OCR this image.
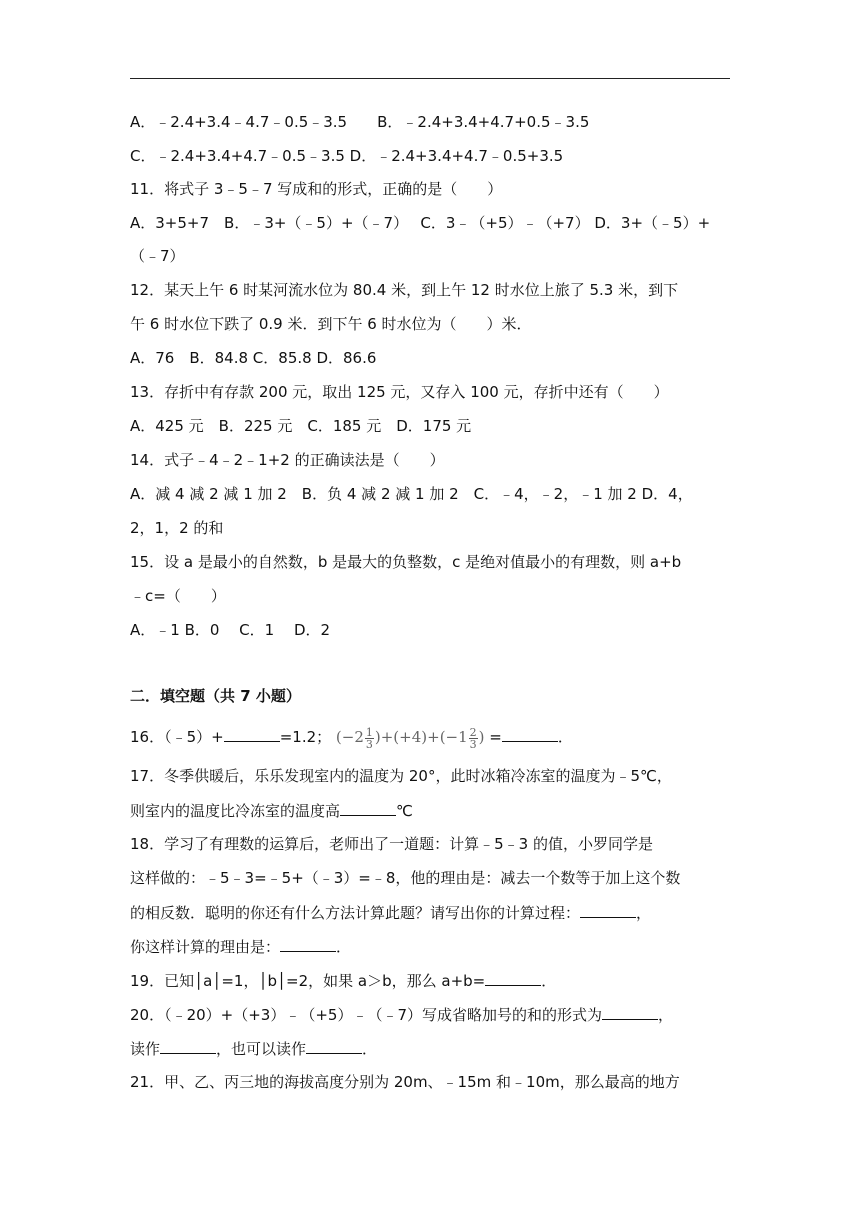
A．﹣2.4+3.4﹣4.7﹣0.5﹣3.5　　B．﹣2.4+3.4+4.7+0.5﹣3.5
C．﹣2.4+3.4+4.7﹣0.5﹣3.5 D．﹣2.4+3.4+4.7﹣0.5+3.5
11．将式子 3﹣5﹣7 写成和的形式，正确的是（　　）
A．3+5+7　B．﹣3+（﹣5）+（﹣7）　 C．3﹣（+5）﹣（+7） D．3+（﹣5）+
（﹣7）
12．某天上午 6 时某河流水位为 80.4 米，到上午 12 时水位上旅了 5.3 米，到下
午 6 时水位下跌了 0.9 米．到下午 6 时水位为（　　）米．
A．76　B．84.8 C．85.8 D．86.6
13．存折中有存款 200 元，取出 125 元，又存入 100 元，存折中还有（　　）
A．425 元　B．225 元　C．185 元　D．175 元
14．式子﹣4﹣2﹣1+2 的正确读法是（　　）
A．减 4 减 2 减 1 加 2　B．负 4 减 2 减 1 加 2　C．﹣4，﹣2，﹣1 加 2 D．4，
2，1，2 的和
15．设 a 是最小的自然数，b 是最大的负整数，c 是绝对值最小的有理数，则 a+b
﹣c=（　　）
A．﹣1 B．0　 C．1　 D．2
二．填空题（共 7 小题）
16．（﹣5）+	=1.2； $(-2 \frac{1}{3} )+(+4)+(-1 \frac{2}{3}$ ) =	．
17．冬季供暖后，乐乐发现室内的温度为 20°，此时冰箱冷冻室的温度为﹣5℃，
则室内的温度比冷冻室的温度高	℃
18．学习了有理数的运算后，老师出了一道题：计算﹣5﹣3 的值，小罗同学是
这样做的：﹣5﹣3=﹣5+（﹣3）=﹣8，他的理由是：减去一个数等于加上这个数
的相反数．聪明的你还有什么方法计算此题？请写出你的计算过程：	，
你这样计算的理由是：	．
19．已知│a│=1，│b│=2，如果 a＞b，那么 a+b=	．
20．（﹣20）+（+3）﹣（+5）﹣（﹣7）写成省略加号的和的形式为	，
读作	，也可以读作	．
21．甲、乙、丙三地的海拔高度分别为 20m、﹣15m 和﹣10m，那么最高的地方
